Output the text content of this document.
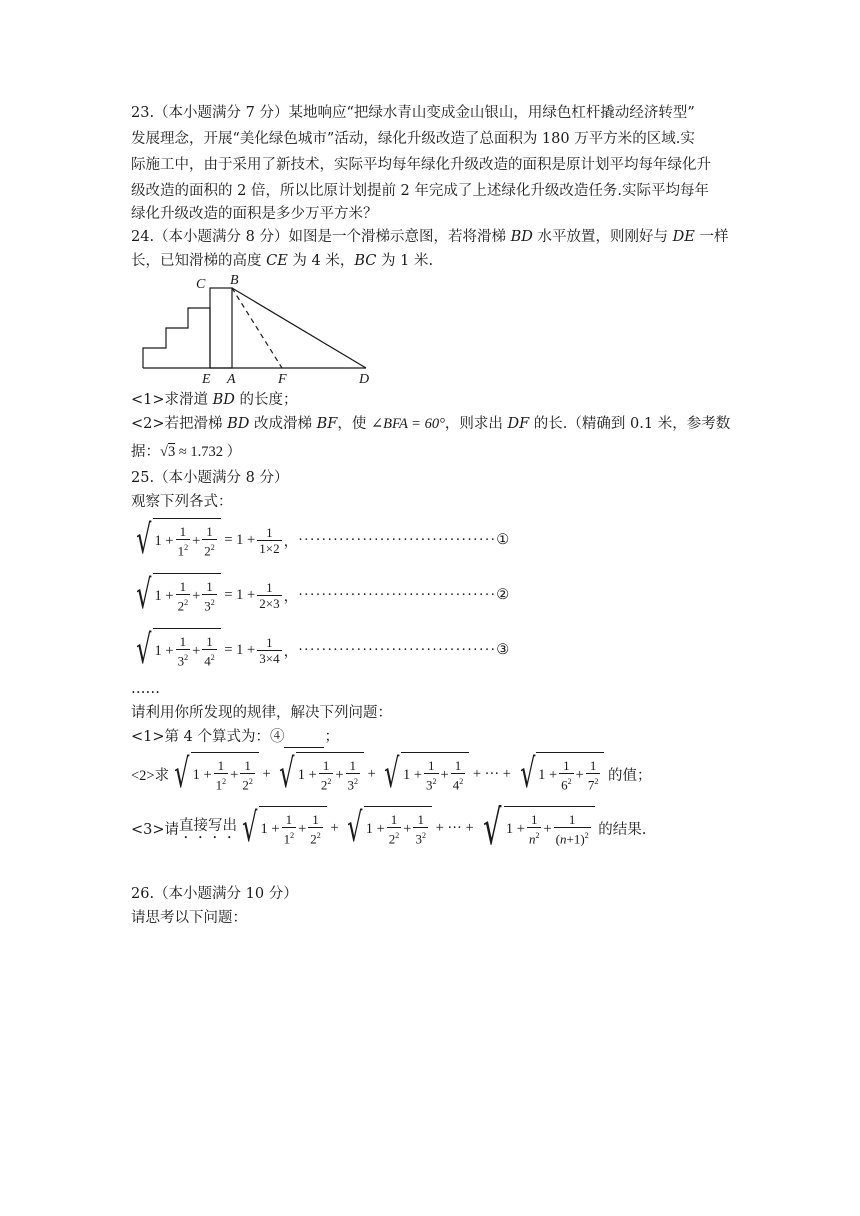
23.（本小题满分 7 分）某地响应“把绿水青山变成金山银山，用绿色杠杆撬动经济转型”
发展理念，开展“美化绿色城市”活动，绿化升级改造了总面积为 180 万平方米的区域.实
际施工中，由于采用了新技术，实际平均每年绿化升级改造的面积是原计划平均每年绿化升
级改造的面积的 2 倍，所以比原计划提前 2 年完成了上述绿化升级改造任务.实际平均每年
绿化升级改造的面积是多少万平方米？
24.（本小题满分 8 分）如图是一个滑梯示意图，若将滑梯 BD 水平放置，则刚好与 DE 一样
长，已知滑梯的高度 CE 为 4 米，BC 为 1 米.
C B
E A	F	D
<1>求滑道 BD 的长度；
<2>若把滑梯 BD 改成滑梯 BF，使 ∠BFA = 60°，则求出 DF 的长.（精确到 0.1 米，参考数
据：√3 ≈ 1.732 ）
25.（本小题满分 8 分）
观察下列各式：
√ $1 + \frac{1}{1^2} + \frac{1}{2^2} = 1 + \frac{1}{1\times 2}$ ， ·································· ①
√ $1 + \frac{1}{2^2} + \frac{1}{3^2} = 1 + \frac{1}{2\times 3}$ ， ·································· ②
√ $1 + \frac{1}{3^2} + \frac{1}{4^2} = 1 + \frac{1}{3\times 4}$ ， ·································· ③
……
请利用你所发现的规律，解决下列问题：
<1>第 4 个算式为：④	；
<2>求 √ $1 + \frac{1}{1^2} + \frac{1}{2^2}$ + √ $1 + \frac{1}{2^2} + \frac{1}{3^2}$ + √ $1 + \frac{1}{3^2} + \frac{1}{4^2}$ + ··· + √ $1 + \frac{1}{6^2} + \frac{1}{7^2}$
的值；
<3>请 直接写出 √ $1 + \frac{1}{1^2} + \frac{1}{2^2}$ + √ $1 + \frac{1}{2^2} + \frac{1}{3^2}$ + ··· + √ $1 + \frac{1}{n^2} + \frac{1}{(n+1)^2}$
的结果.
26.（本小题满分 10 分）
请思考以下问题：
